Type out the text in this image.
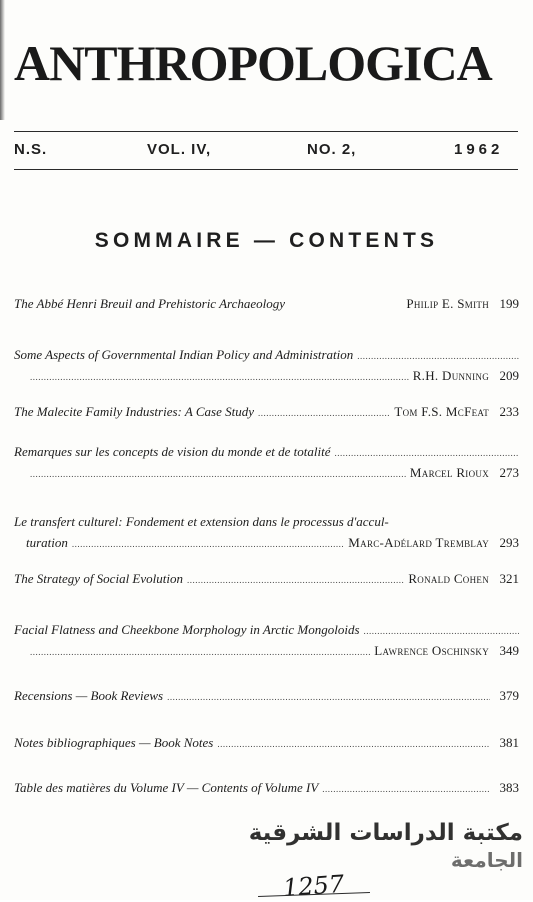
ANTHROPOLOGICA
N.S.	VOL. IV,	NO. 2,	1962
SOMMAIRE — CONTENTS
The Abbé Henri Breuil and Prehistoric Archaeology	Philip E. Smith 199
Some Aspects of Governmental Indian Policy and Administration
.....
.....
R.H. Dunning 209
The Malecite Family Industries: A Case Study .....	Tom F.S. McFeat 233
Remarques sur les concepts de vision du monde et de totalité
.....
.....
Marcel Rioux 273
Le transfert culturel: Fondement et extension dans le processus d'accul-
turation .....	Marc-Adélard Tremblay 293
The Strategy of Social Evolution .....	Ronald Cohen 321
Facial Flatness and Cheekbone Morphology in Arctic Mongoloids
.....
.....
Lawrence Oschinsky 349
Recensions — Book Reviews .....	379
Notes bibliographiques — Book Notes .....	381
Table des matières du Volume IV — Contents of Volume IV .....	383
مكتبة الدراسات الشرقية
الجامعة
1257
